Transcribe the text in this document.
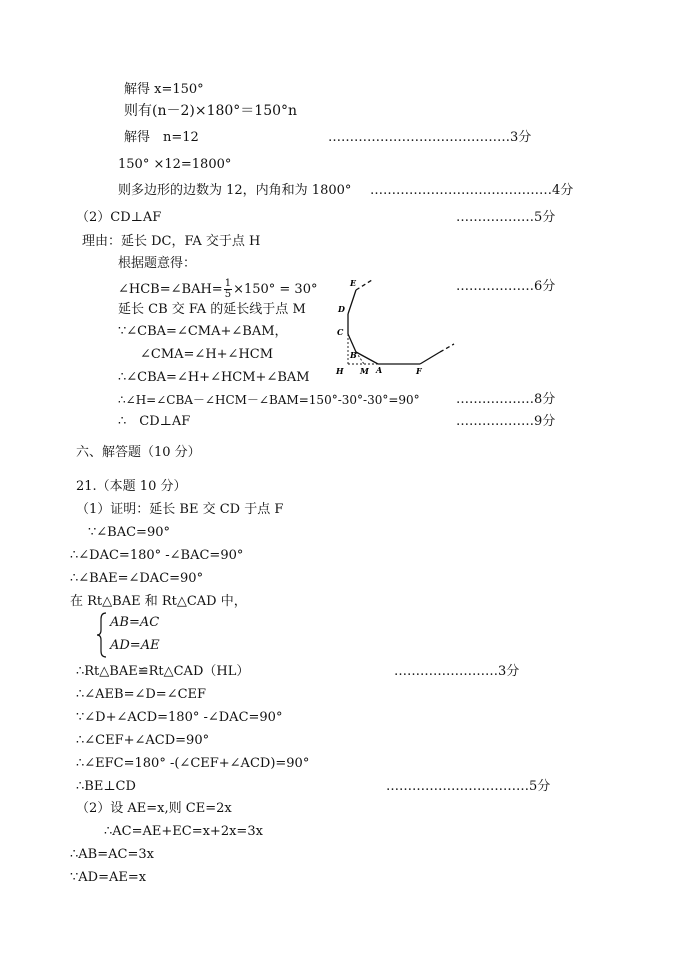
解得 x=150°
则有(n－2)×180°＝150°n
解得　n=12	……………………………………3分
150° ×12=1800°
则多边形的边数为 12，内角和为 1800° ……………………………………4分
（2）CD⊥AF	………………5分
理由：延长 DC，FA 交于点 H
根据题意得：
∠HCB=∠BAH= $\frac{1}{5} \times 150^\circ = 30^\circ$	………………6分
延长 CB 交 FA 的延长线于点 M
∵∠CBA=∠CMA+∠BAM，
∠CMA=∠H+∠HCM
∴∠CBA=∠H+∠HCM+∠BAM
∴∠H=∠CBA－∠HCM－∠BAM=150°-30°-30°=90°	………………8分
∴　CD⊥AF	………………9分
E
D
C
B
H M A	F
六、解答题（10 分）
21.（本题 10 分）
（1）证明：延长 BE 交 CD 于点 F
∵∠BAC=90°
∴∠DAC=180° -∠BAC=90°
∴∠BAE=∠DAC=90°
在 Rt△BAE 和 Rt△CAD 中，
AB=AC
AD=AE
∴Rt△BAE≌Rt△CAD（HL）	……………………3分
∴∠AEB=∠D=∠CEF
∵∠D+∠ACD=180° -∠DAC=90°
∴∠CEF+∠ACD=90°
∴∠EFC=180° -(∠CEF+∠ACD)=90°
∴BE⊥CD	……………………………5分
（2）设 AE=x,则 CE=2x
∴AC=AE+EC=x+2x=3x
∴AB=AC=3x
∵AD=AE=x
